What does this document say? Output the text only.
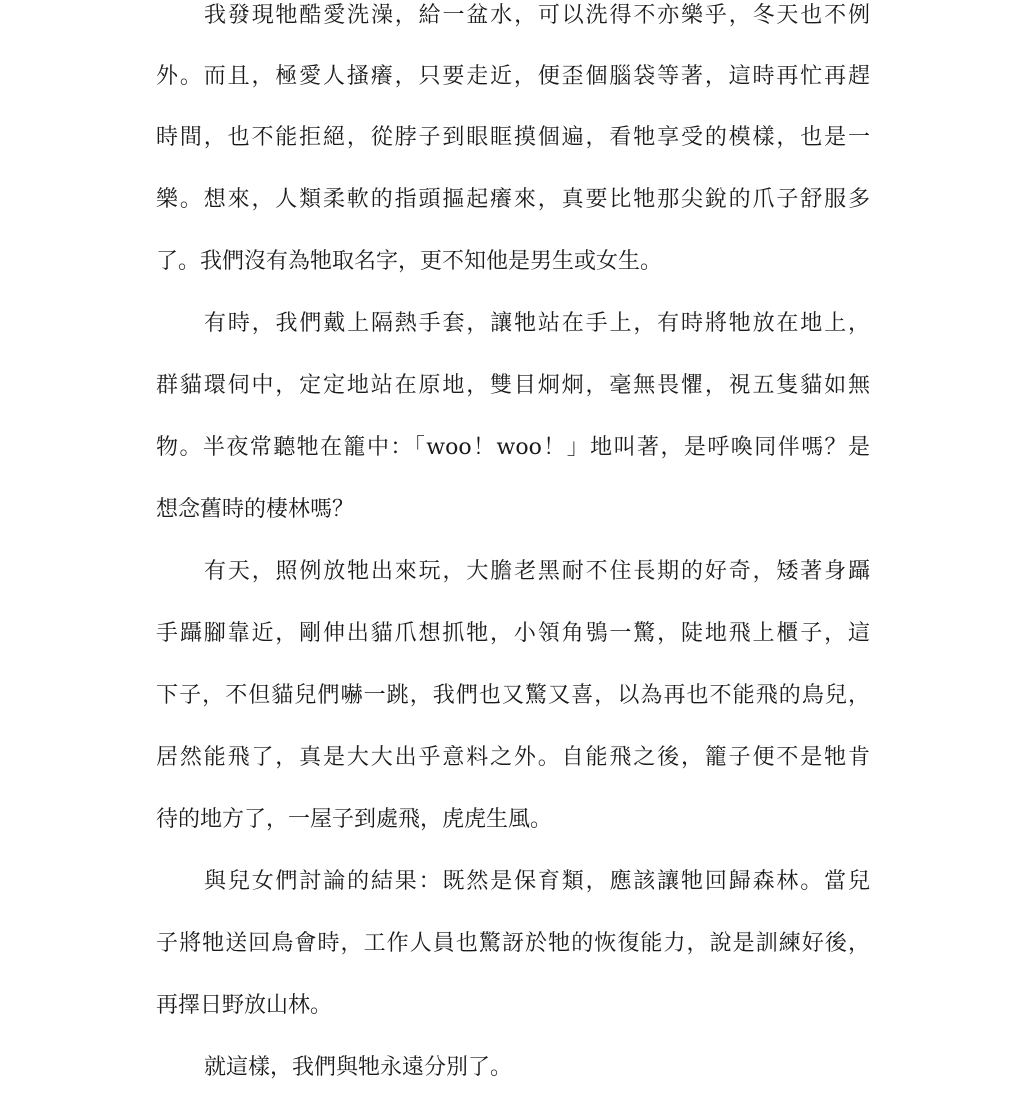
我發現牠酷愛洗澡，給一盆水，可以洗得不亦樂乎，冬天也不例
外。而且，極愛人搔癢，只要走近，便歪個腦袋等著，這時再忙再趕
時間，也不能拒絕，從脖子到眼眶摸個遍，看牠享受的模樣，也是一
樂。想來，人類柔軟的指頭摳起癢來，真要比牠那尖銳的爪子舒服多
了。我們沒有為牠取名字，更不知他是男生或女生。
有時，我們戴上隔熱手套，讓牠站在手上，有時將牠放在地上，
群貓環伺中，定定地站在原地，雙目炯炯，毫無畏懼，視五隻貓如無
物。半夜常聽牠在籠中：「woo！woo！」地叫著，是呼喚同伴嗎？是
想念舊時的棲林嗎？
有天，照例放牠出來玩，大膽老黑耐不住長期的好奇，矮著身躡
手躡腳靠近，剛伸出貓爪想抓牠，小領角鴞一驚，陡地飛上櫃子，這
下子，不但貓兒們嚇一跳，我們也又驚又喜，以為再也不能飛的鳥兒，
居然能飛了，真是大大出乎意料之外。自能飛之後，籠子便不是牠肯
待的地方了，一屋子到處飛，虎虎生風。
與兒女們討論的結果：既然是保育類，應該讓牠回歸森林。當兒
子將牠送回鳥會時，工作人員也驚訝於牠的恢復能力，說是訓練好後，
再擇日野放山林。
就這樣，我們與牠永遠分別了。
